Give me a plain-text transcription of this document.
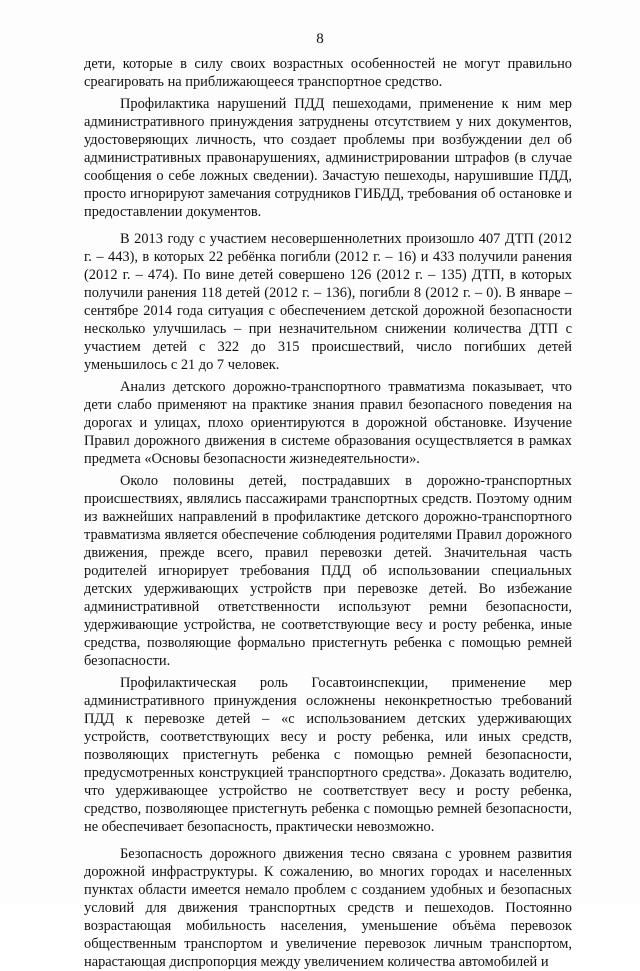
8

дети, которые в силу своих возрастных особенностей не могут правильно среагировать на приближающееся транспортное средство.

Профилактика нарушений ПДД пешеходами, применение к ним мер административного принуждения затруднены отсутствием у них документов, удостоверяющих личность, что создает проблемы при возбуждении дел об административных правонарушениях, администрировании штрафов (в случае сообщения о себе ложных сведении). Зачастую пешеходы, нарушившие ПДД, просто игнорируют замечания сотрудников ГИБДД, требования об остановке и предоставлении документов.

В 2013 году с участием несовершеннолетних произошло 407 ДТП (2012 г. – 443), в которых 22 ребёнка погибли (2012 г. – 16) и 433 получили ранения (2012 г. – 474). По вине детей совершено 126 (2012 г. – 135) ДТП, в которых получили ранения 118 детей (2012 г. – 136), погибли 8 (2012 г. – 0). В январе – сентябре 2014 года ситуация с обеспечением детской дорожной безопасности несколько улучшилась – при незначительном снижении количества ДТП с участием детей с 322 до 315 происшествий, число погибших детей уменьшилось с 21 до 7 человек.

Анализ детского дорожно-транспортного травматизма показывает, что дети слабо применяют на практике знания правил безопасного поведения на дорогах и улицах, плохо ориентируются в дорожной обстановке. Изучение Правил дорожного движения в системе образования осуществляется в рамках предмета «Основы безопасности жизнедеятельности».

Около половины детей, пострадавших в дорожно-транспортных происшествиях, являлись пассажирами транспортных средств. Поэтому одним из важнейших направлений в профилактике детского дорожно-транспортного травматизма является обеспечение соблюдения родителями Правил дорожного движения, прежде всего, правил перевозки детей. Значительная часть родителей игнорирует требования ПДД об использовании специальных детских удерживающих устройств при перевозке детей. Во избежание административной ответственности используют ремни безопасности, удерживающие устройства, не соответствующие весу и росту ребенка, иные средства, позволяющие формально пристегнуть ребенка с помощью ремней безопасности.

Профилактическая роль Госавтоинспекции, применение мер административного принуждения осложнены неконкретностью требований ПДД к перевозке детей – «с использованием детских удерживающих устройств, соответствующих весу и росту ребенка, или иных средств, позволяющих пристегнуть ребенка с помощью ремней безопасности, предусмотренных конструкцией транспортного средства». Доказать водителю, что удерживающее устройство не соответствует весу и росту ребенка, средство, позволяющее пристегнуть ребенка с помощью ремней безопасности, не обеспечивает безопасность, практически невозможно.

Безопасность дорожного движения тесно связана с уровнем развития дорожной инфраструктуры. К сожалению, во многих городах и населенных пунктах области имеется немало проблем с созданием удобных и безопасных условий для движения транспортных средств и пешеходов. Постоянно возрастающая мобильность населения, уменьшение объёма перевозок общественным транспортом и увеличение перевозок личным транспортом, нарастающая диспропорция между увеличением количества автомобилей и
